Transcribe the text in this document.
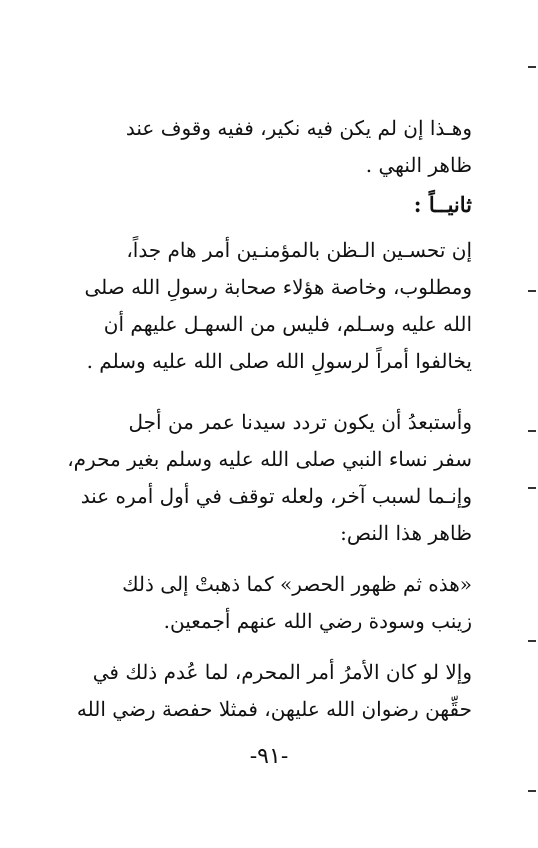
وهـذا إن لم يكن فيه نكير، ففيه وقوف عند
ظاهر النهي .

ثانيــاً :

إن تحسـين الـظن بالمؤمنـين أمر هام جداً،
ومطلوب، وخاصة هؤلاء صحابة رسولِ الله صلى
الله عليه وسـلم، فليس من السهـل عليهم أن
يخالفوا أمراً لرسولِ الله صلى الله عليه وسلم .

وأستبعدُ أن يكون تردد سيدنا عمر من أجل
سفر نساء النبي صلى الله عليه وسلم بغير محرم،
وإنـما لسبب آخر، ولعله توقف في أول أمره عند
ظاهر هذا النص:

«هذه ثم ظهور الحصر» كما ذهبتْ إلى ذلك
زينب وسودة رضي الله عنهم أجمعين.

وإلا لو كان الأمرُ أمر المحرم، لما عُدم ذلك في
حقِّهن رضوان الله عليهن، فمثلا حفصة رضي الله

-٩١-
